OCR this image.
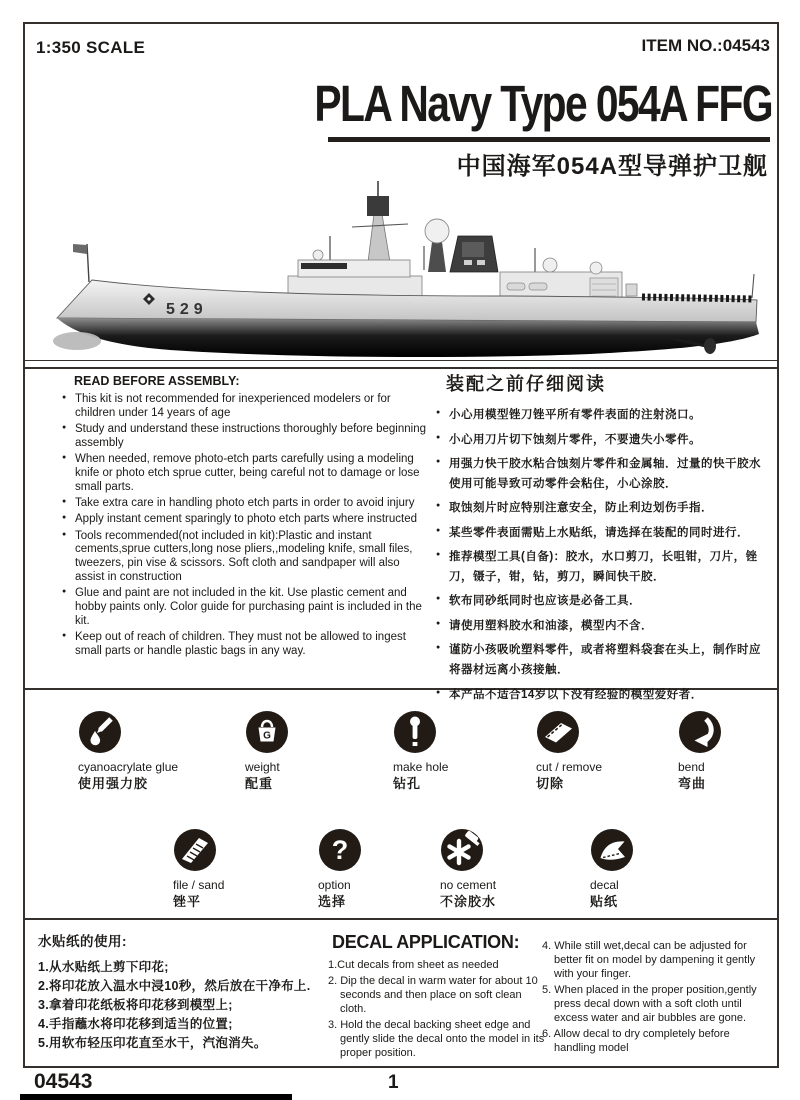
1:350 SCALE	ITEM NO.:04543
PLA Navy Type 054A FFG
中国海军054A型导弹护卫舰
529

READ BEFORE ASSEMBLY:

● This kit is not recommended for inexperienced modelers or for children under 14 years of age
● Study and understand these instructions thoroughly before beginning assembly
● When needed, remove photo-etch parts carefully using a modeling knife or photo etch sprue cutter, being careful not to damage or lose small parts.
● Take extra care in handling photo etch parts in order to avoid injury
● Apply instant cement sparingly to photo etch parts where instructed
● Tools recommended(not included in kit):Plastic and instant cements,sprue cutters,long nose pliers,,modeling knife, small files, tweezers, pin vise & scissors. Soft cloth and sandpaper will also assist in construction
● Glue and paint are not included in the kit. Use plastic cement and hobby paints only. Color guide for purchasing paint is included in the kit.
● Keep out of reach of children. They must not be allowed to ingest small parts or handle plastic bags in any way.

装配之前仔细阅读

● 小心用模型锉刀锉平所有零件表面的注射浇口。
● 小心用刀片切下蚀刻片零件，不要遗失小零件。
● 用强力快干胶水粘合蚀刻片零件和金属轴．过量的快干胶水使用可能导致可动零件会粘住，小心涂胶．
● 取蚀刻片时应特别注意安全，防止利边划伤手指．
● 某些零件表面需贴上水贴纸，请选择在装配的同时进行．
● 推荐模型工具(自备)：胶水，水口剪刀，长咀钳，刀片，锉刀，镊子，钳，钻，剪刀，瞬间快干胶．
● 软布同砂纸同时也应该是必备工具．
● 请使用塑料胶水和油漆，模型内不含．
● 谨防小孩吸吮塑料零件，或者将塑料袋套在头上，制作时应将器材远离小孩接触．
● 本产品不适合14岁以下没有经验的模型爱好者．
cyanoacrylate glue
使用强力胶
G
weight
配重
make hole
钻孔
cut / remove
切除
bend
弯曲
file / sand
锉平
?
option
选择
no cement
不涂胶水
decal
贴纸

水贴纸的使用:

1.从水贴纸上剪下印花;
2.将印花放入温水中浸10秒，然后放在干净布上.
3.拿着印花纸板将印花移到模型上;
4.手指蘸水将印花移到适当的位置;
5.用软布轻压印花直至水干，汽泡消失。

DECAL APPLICATION:

1.Cut decals from sheet as needed
2. Dip the decal in warm water for about 10 seconds and then place on soft clean cloth.
3. Hold the decal backing sheet edge and gently slide the decal onto the model in its proper position.
4. While still wet,decal can be adjusted for better fit on model by dampening it gently with your finger.
5. When placed in the proper position,gently press decal down with a soft cloth until excess water and air bubbles are gone.
6. Allow decal to dry completely before handling model
04543	1
